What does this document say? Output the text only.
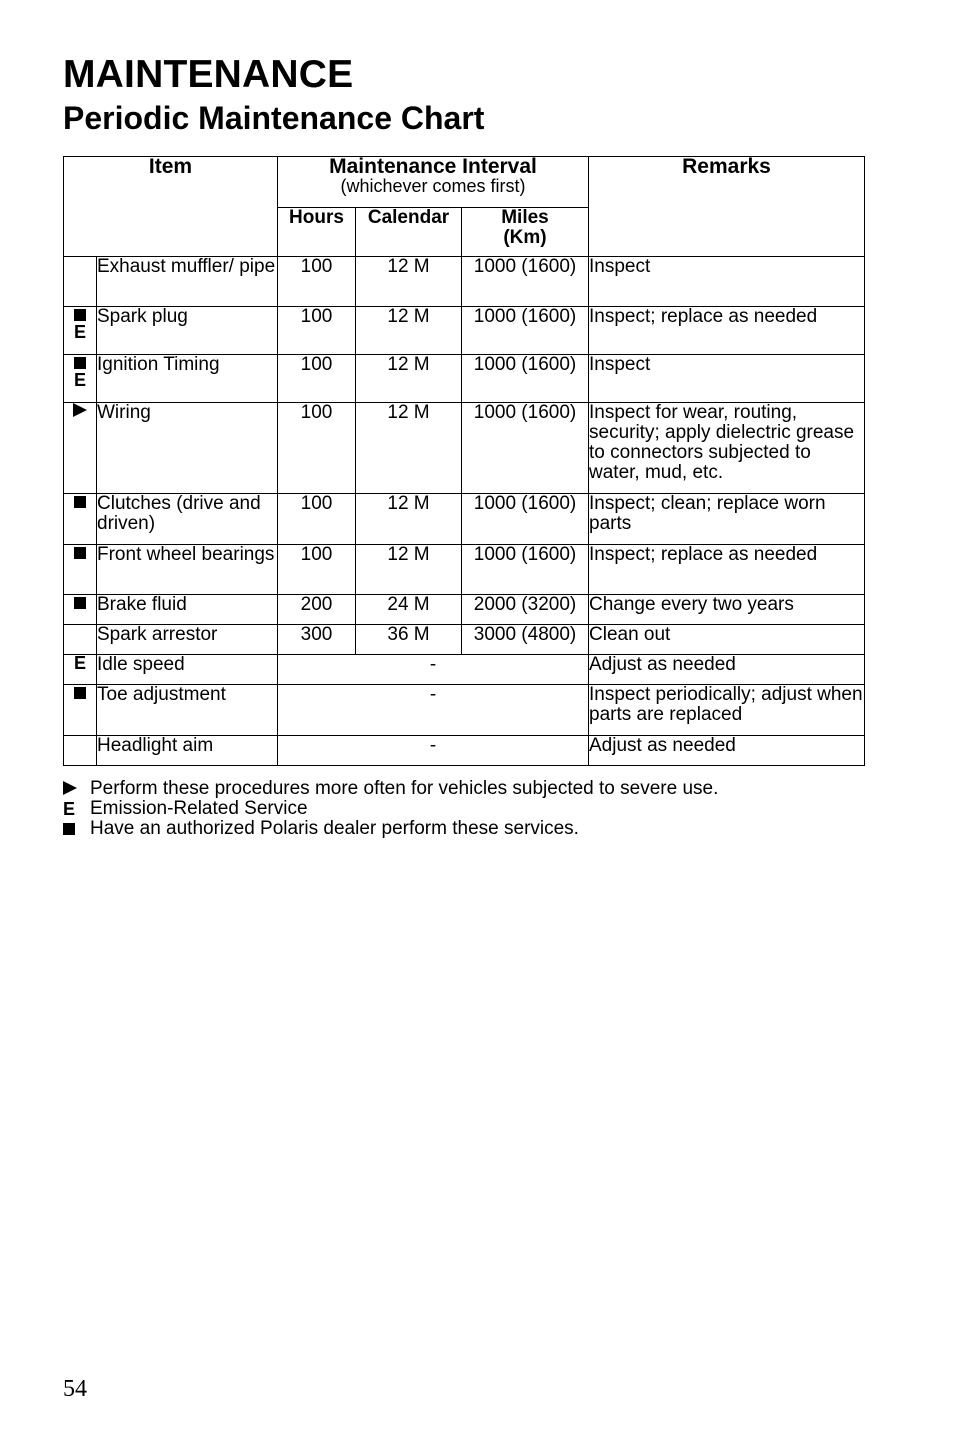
MAINTENANCE
Periodic Maintenance Chart
Item		Maintenance Interval
(whichever comes first)			Remarks
		Hours	Calendar	Miles
(Km)	
	Exhaust muffler/ pipe	100	12 M	1000 (1600)	Inspect

E	Spark plug	100	12 M	1000 (1600)	Inspect; replace as needed

E	Ignition Timing	100	12 M	1000 (1600)	Inspect

	Wiring	100	12 M	1000 (1600)	Inspect for wear, routing, security; apply dielectric grease to connectors subjected to water, mud, etc.

	Clutches (drive and driven)	100	12 M	1000 (1600)	Inspect; clean; replace worn parts

	Front wheel bearings	100	12 M	1000 (1600)	Inspect; replace as needed

	Brake fluid	200	24 M	2000 (3200)	Change every two years
	Spark arrestor	300	36 M	3000 (4800)	Clean out

E	Idle speed	-			Adjust as needed

	Toe adjustment	-			Inspect periodically; adjust when parts are replaced
	Headlight aim	-			Adjust as needed
Perform these procedures more often for vehicles subjected to severe use.
E Emission-Related Service
Have an authorized Polaris dealer perform these services.
54
